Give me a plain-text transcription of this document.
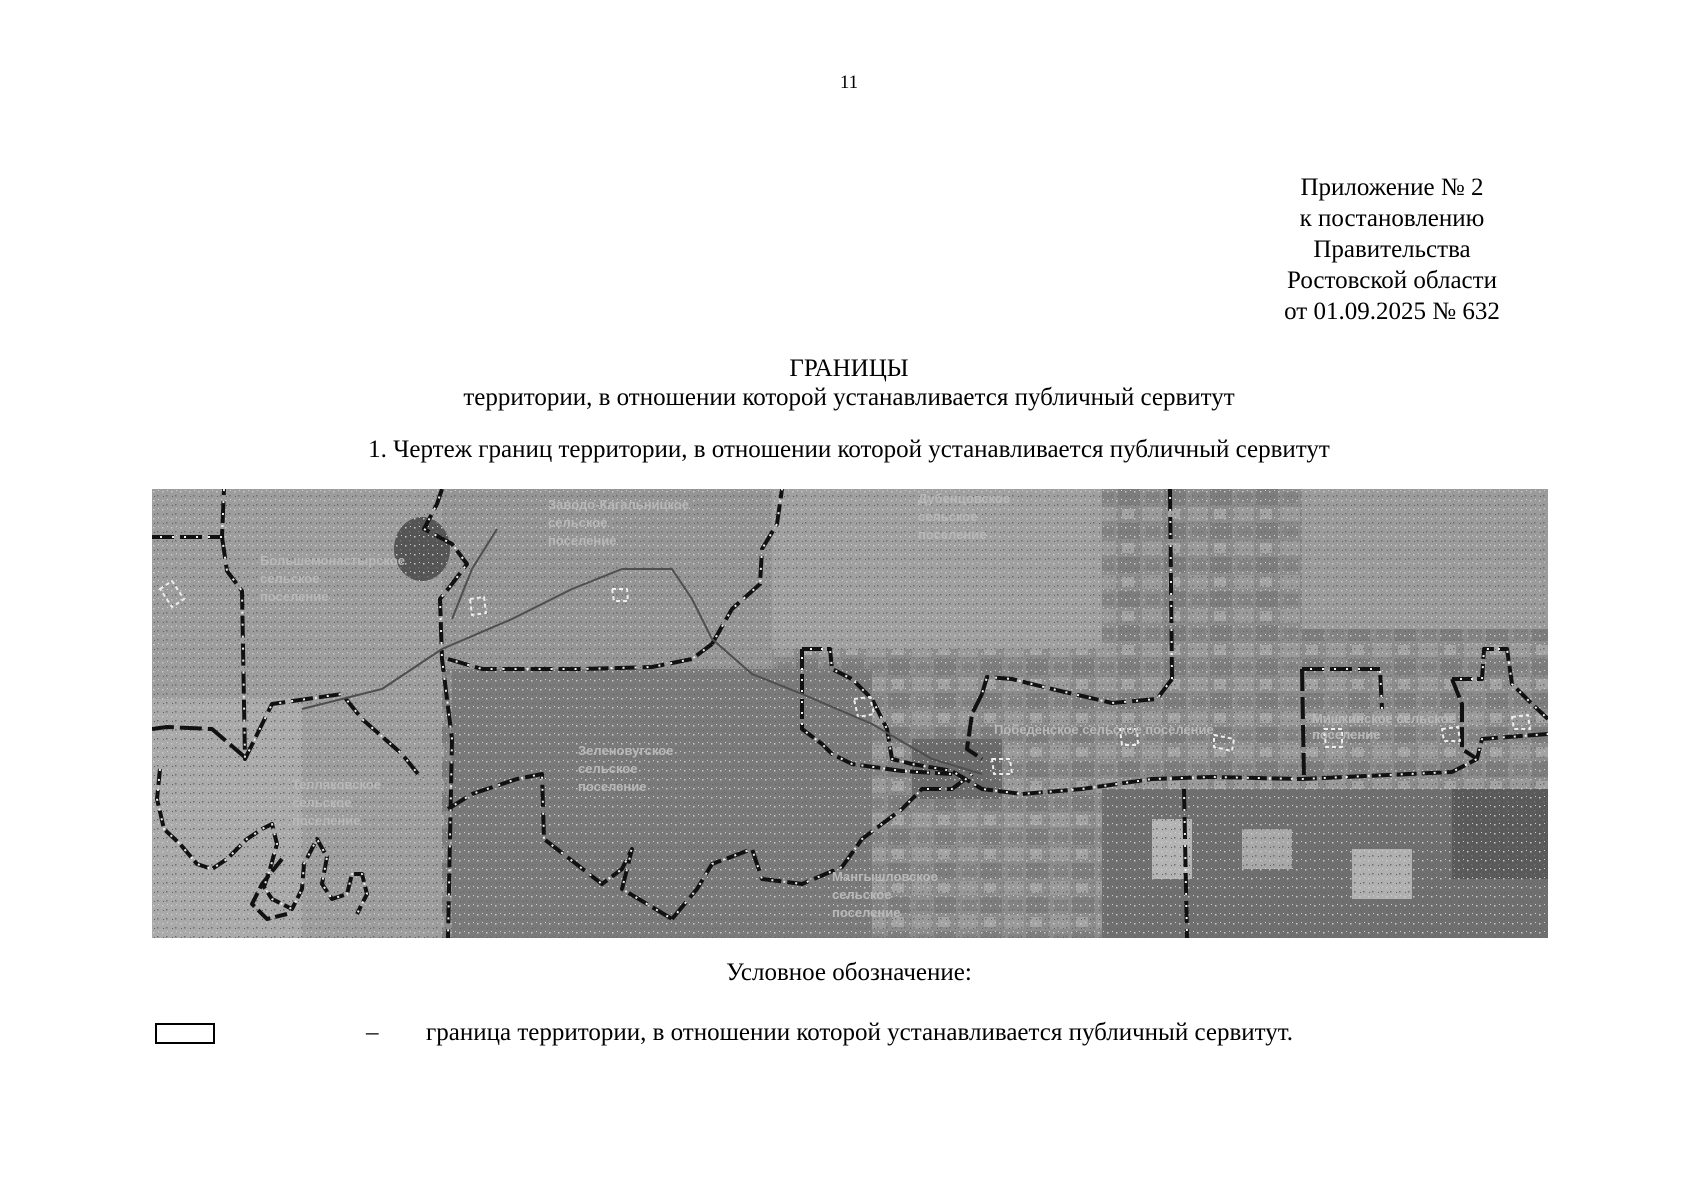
11
Приложение № 2
к постановлению
Правительства
Ростовской области
от 01.09.2025 № 632
ГРАНИЦЫ
территории, в отношении которой устанавливается публичный сервитут
1. Чертеж границ территории, в отношении которой устанавливается публичный сервитут
Большемонастырское
сельское
поселение
Заводо-Кагальницкое
сельское
поселение
Дубенцовское
сельское
поселение
Зеленовугское
сельское
поселение
Тепляковское
сельское
поселение
Победенское сельское поселение
Мишкинское сельское
поселение
Мангышловское
сельское
поселение
Условное обозначение:
– граница территории, в отношении которой устанавливается публичный сервитут.
